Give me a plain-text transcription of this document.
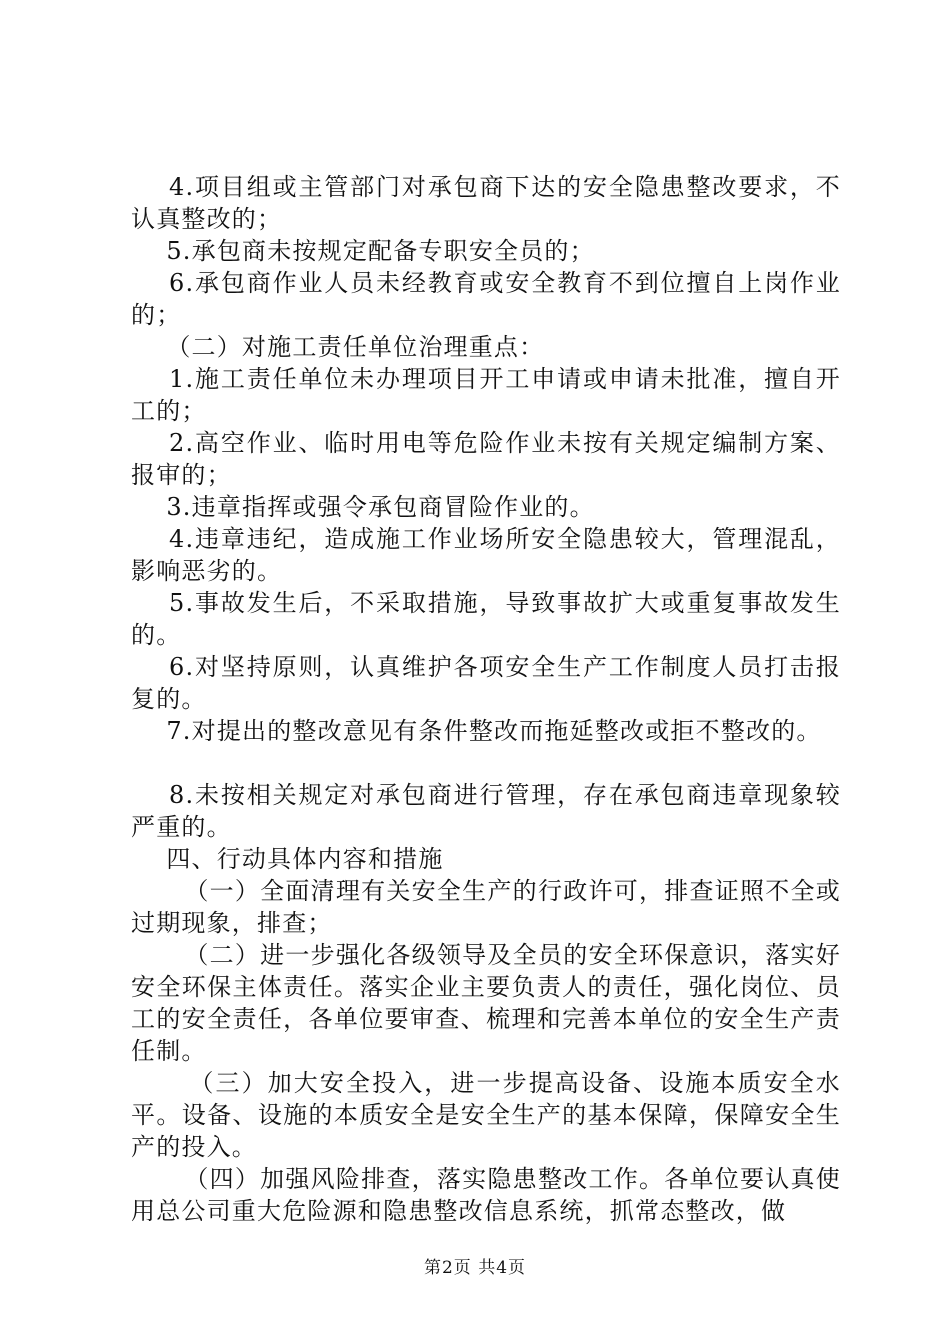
4.项目组或主管部门对承包商下达的安全隐患整改要求，不认真整改的；

5.承包商未按规定配备专职安全员的；

6.承包商作业人员未经教育或安全教育不到位擅自上岗作业的；

（二）对施工责任单位治理重点：

1.施工责任单位未办理项目开工申请或申请未批准，擅自开工的；

2.高空作业、临时用电等危险作业未按有关规定编制方案、报审的；

3.违章指挥或强令承包商冒险作业的。

4.违章违纪，造成施工作业场所安全隐患较大，管理混乱，影响恶劣的。

5.事故发生后，不采取措施，导致事故扩大或重复事故发生的。

6.对坚持原则，认真维护各项安全生产工作制度人员打击报复的。

7.对提出的整改意见有条件整改而拖延整改或拒不整改的。

8.未按相关规定对承包商进行管理，存在承包商违章现象较严重的。

四、行动具体内容和措施

（一）全面清理有关安全生产的行政许可，排查证照不全或过期现象，排查；

（二）进一步强化各级领导及全员的安全环保意识，落实好安全环保主体责任。落实企业主要负责人的责任，强化岗位、员工的安全责任，各单位要审查、梳理和完善本单位的安全生产责任制。

（三）加大安全投入，进一步提高设备、设施本质安全水平。设备、设施的本质安全是安全生产的基本保障，保障安全生产的投入。

（四）加强风险排查，落实隐患整改工作。各单位要认真使用总公司重大危险源和隐患整改信息系统，抓常态整改，做

第2页 共4页
